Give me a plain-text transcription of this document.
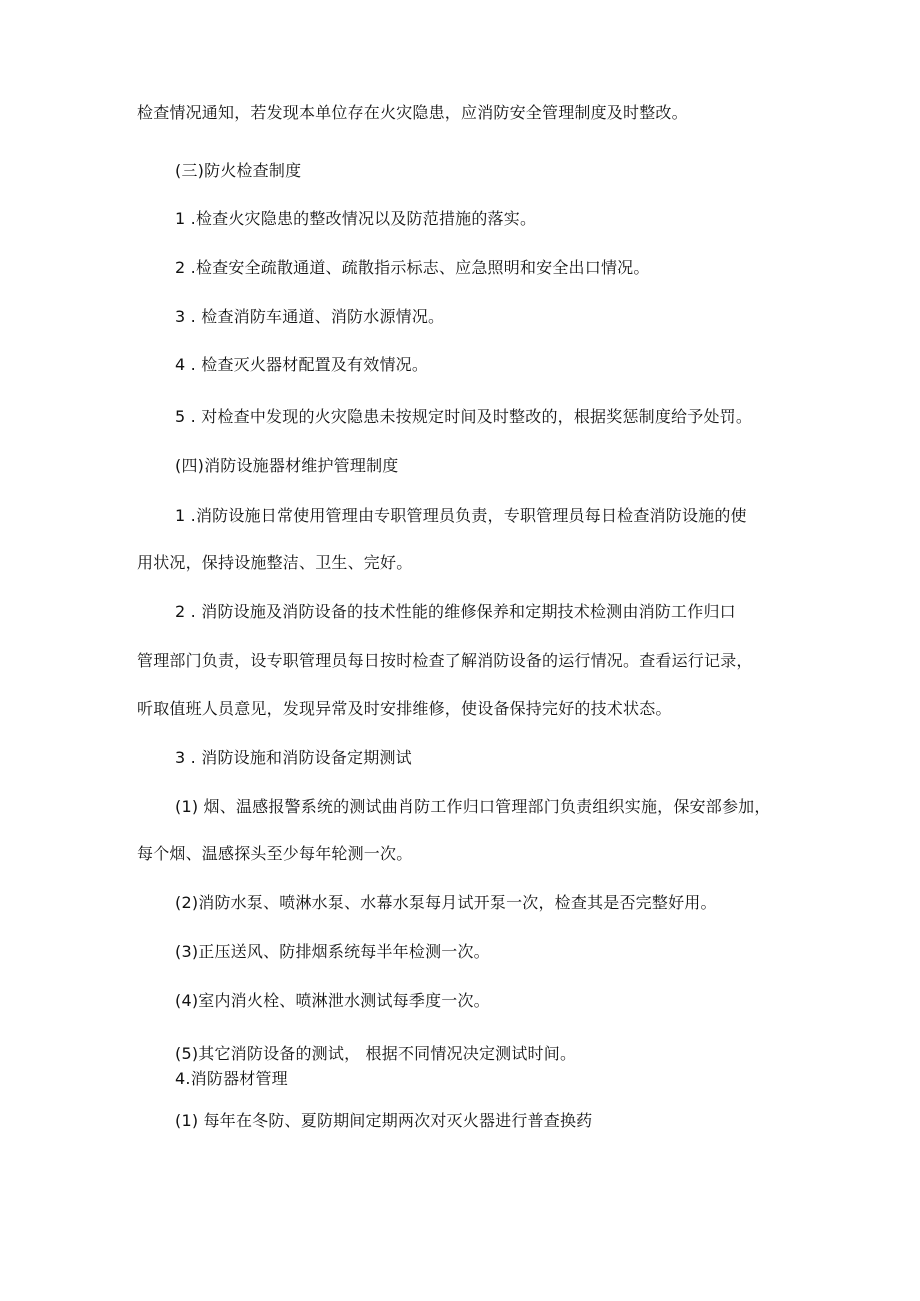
检查情况通知，若发现本单位存在火灾隐患，应消防安全管理制度及时整改。

(三)防火检查制度

1 .检查火灾隐患的整改情况以及防范措施的落实。

2 .检查安全疏散通道、疏散指示标志、应急照明和安全出口情况。

3 . 检查消防车通道、消防水源情况。

4 . 检查灭火器材配置及有效情况。

5 . 对检查中发现的火灾隐患未按规定时间及时整改的，根据奖惩制度给予处罚。

(四)消防设施器材维护管理制度

1 .消防设施日常使用管理由专职管理员负责，专职管理员每日检查消防设施的使

用状况，保持设施整洁、卫生、完好。

2 . 消防设施及消防设备的技术性能的维修保养和定期技术检测由消防工作归口

管理部门负责，设专职管理员每日按时检查了解消防设备的运行情况。查看运行记录，

听取值班人员意见，发现异常及时安排维修，使设备保持完好的技术状态。

3 . 消防设施和消防设备定期测试

(1) 烟、温感报警系统的测试曲肖防工作归口管理部门负责组织实施，保安部参加，

每个烟、温感探头至少每年轮测一次。

(2)消防水泵、喷淋水泵、水幕水泵每月试开泵一次，检查其是否完整好用。

(3)正压送风、防排烟系统每半年检测一次。

(4)室内消火栓、喷淋泄水测试每季度一次。

(5)其它消防设备的测试， 根据不同情况决定测试时间。

4.消防器材管理

(1) 每年在冬防、夏防期间定期两次对灭火器进行普查换药
